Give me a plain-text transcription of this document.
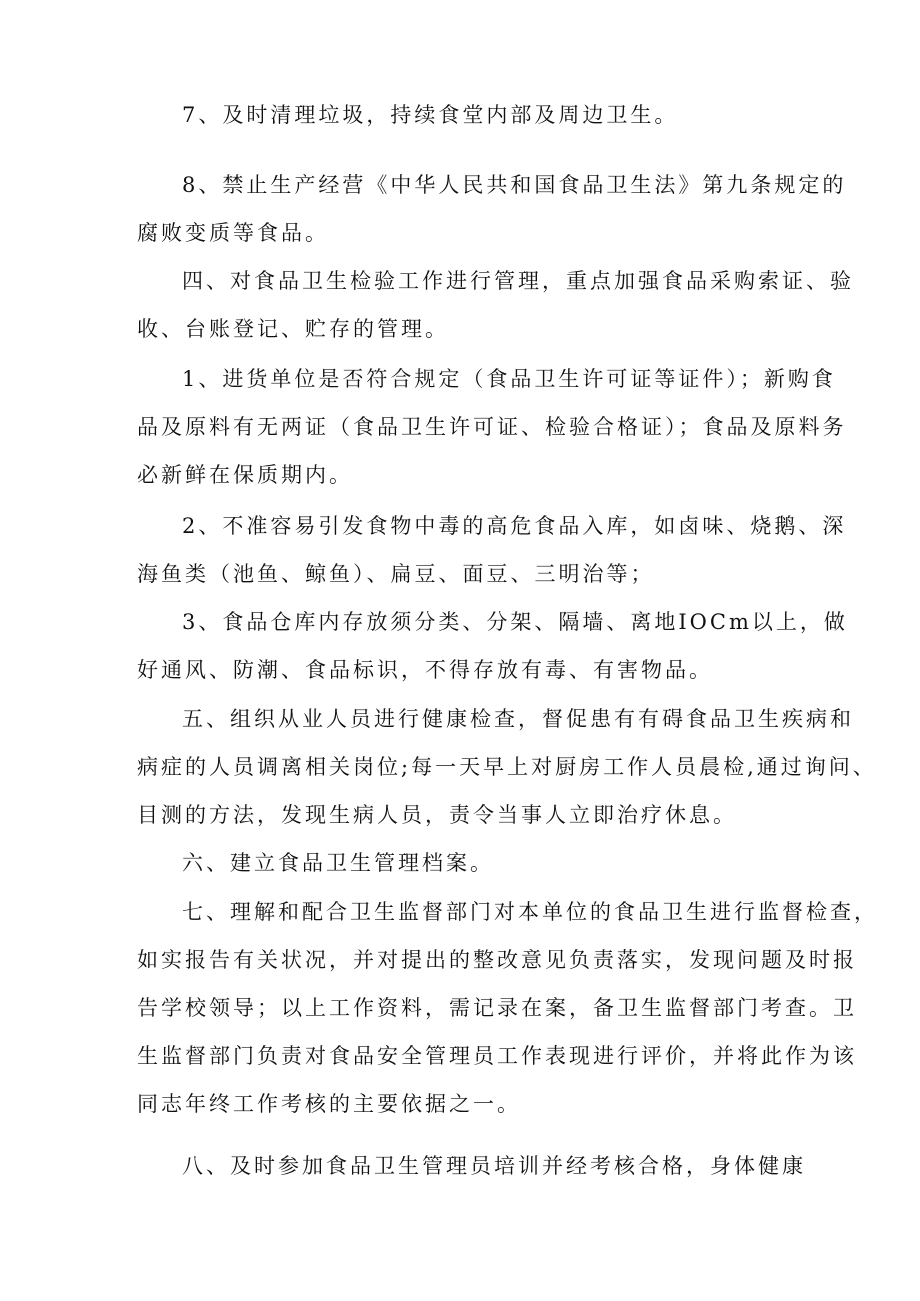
7、及时清理垃圾，持续食堂内部及周边卫生。
8、禁止生产经营《中华人民共和国食品卫生法》第九条规定的
腐败变质等食品。
四、对食品卫生检验工作进行管理，重点加强食品采购索证、验
收、台账登记、贮存的管理。
1、进货单位是否符合规定（食品卫生许可证等证件）；新购食
品及原料有无两证（食品卫生许可证、检验合格证）；食品及原料务
必新鲜在保质期内。
2、不准容易引发食物中毒的高危食品入库，如卤味、烧鹅、深
海鱼类（池鱼、鲸鱼）、扁豆、面豆、三明治等；
3、食品仓库内存放须分类、分架、隔墙、离地IOCm以上，做
好通风、防潮、食品标识，不得存放有毒、有害物品。
五、组织从业人员进行健康检查，督促患有有碍食品卫生疾病和
病症的人员调离相关岗位;每一天早上对厨房工作人员晨检,通过询问、
目测的方法，发现生病人员，责令当事人立即治疗休息。
六、建立食品卫生管理档案。
七、理解和配合卫生监督部门对本单位的食品卫生进行监督检查，
如实报告有关状况，并对提出的整改意见负责落实，发现问题及时报
告学校领导；以上工作资料，需记录在案，备卫生监督部门考查。卫
生监督部门负责对食品安全管理员工作表现进行评价，并将此作为该
同志年终工作考核的主要依据之一。
八、及时参加食品卫生管理员培训并经考核合格，身体健康
